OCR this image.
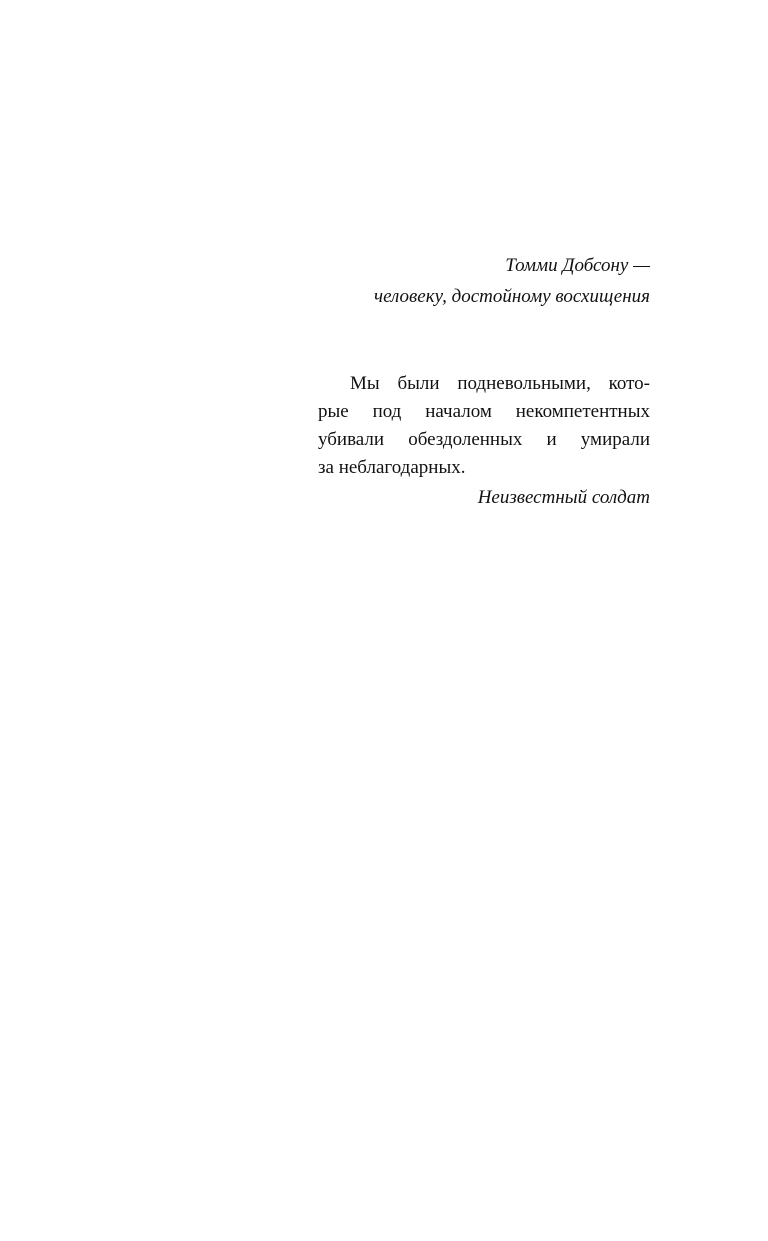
Томми Добсону —
человеку, достойному восхищения
Мы были подневольными, кото-
рые под началом некомпетентных
убивали обездоленных и умирали
за неблагодарных.
Неизвестный солдат
